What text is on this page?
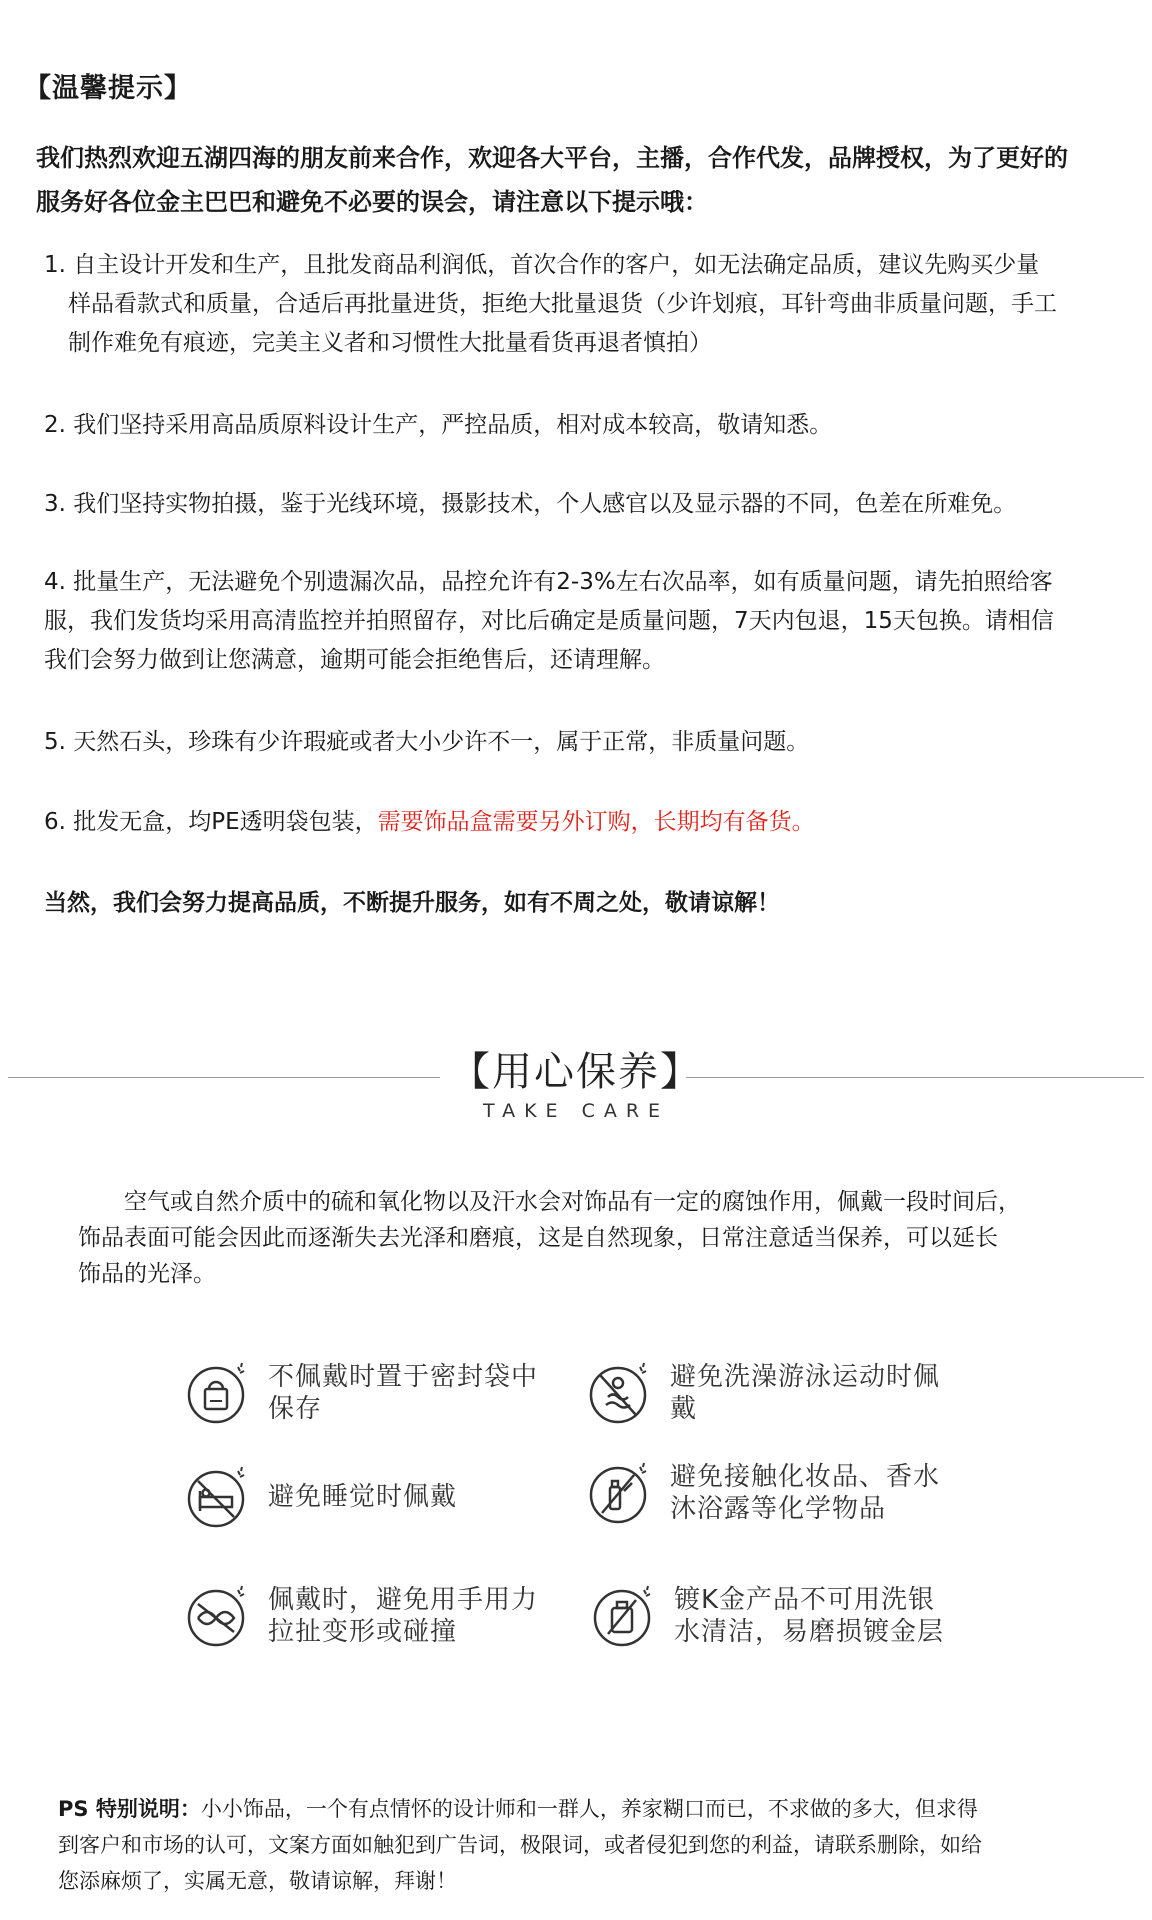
【温馨提示】
我们热烈欢迎五湖四海的朋友前来合作，欢迎各大平台，主播，合作代发，品牌授权，为了更好的
服务好各位金主巴巴和避免不必要的误会，请注意以下提示哦：
1. 自主设计开发和生产，且批发商品利润低，首次合作的客户，如无法确定品质，建议先购买少量
样品看款式和质量，合适后再批量进货，拒绝大批量退货（少许划痕，耳针弯曲非质量问题，手工
制作难免有痕迹，完美主义者和习惯性大批量看货再退者慎拍）
2. 我们坚持采用高品质原料设计生产，严控品质，相对成本较高，敬请知悉。
3. 我们坚持实物拍摄，鉴于光线环境，摄影技术，个人感官以及显示器的不同，色差在所难免。
4. 批量生产，无法避免个别遗漏次品，品控允许有2-3%左右次品率，如有质量问题，请先拍照给客
服，我们发货均采用高清监控并拍照留存，对比后确定是质量问题，7天内包退，15天包换。请相信
我们会努力做到让您满意，逾期可能会拒绝售后，还请理解。
5. 天然石头，珍珠有少许瑕疵或者大小少许不一，属于正常，非质量问题。
6. 批发无盒，均PE透明袋包装，需要饰品盒需要另外订购，长期均有备货。
当然，我们会努力提高品质，不断提升服务，如有不周之处，敬请谅解！
【用心保养】
TAKE CARE
空气或自然介质中的硫和氧化物以及汗水会对饰品有一定的腐蚀作用，佩戴一段时间后，
饰品表面可能会因此而逐渐失去光泽和磨痕，这是自然现象，日常注意适当保养，可以延长
饰品的光泽。
不佩戴时置于密封袋中
保存
避免洗澡游泳运动时佩
戴
避免睡觉时佩戴
避免接触化妆品、香水
沐浴露等化学物品
佩戴时，避免用手用力
拉扯变形或碰撞
镀K金产品不可用洗银
水清洁，易磨损镀金层
PS 特别说明：小小饰品，一个有点情怀的设计师和一群人，养家糊口而已，不求做的多大，但求得
到客户和市场的认可，文案方面如触犯到广告词，极限词，或者侵犯到您的利益，请联系删除，如给
您添麻烦了，实属无意，敬请谅解，拜谢！
